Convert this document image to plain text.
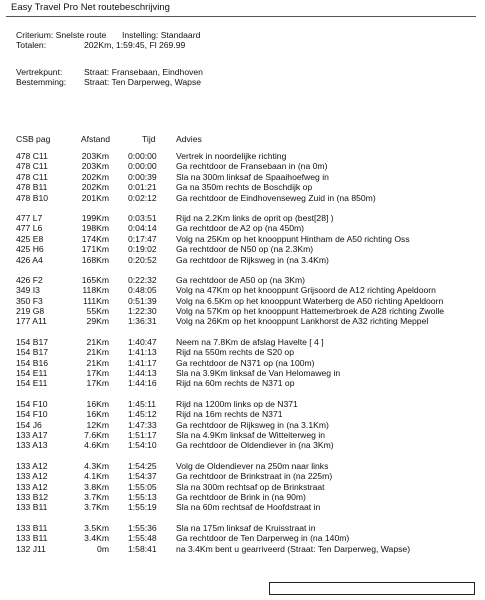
Easy Travel Pro Net routebeschrijving
Criterium: Snelste route Instelling: Standaard
Totalen:	202Km, 1:59:45, Fl 269.99
Vertrekpunt:	Straat: Fransebaan, Eindhoven
Bestemming: Straat: Ten Darperweg, Wapse
CSB pag	Afstand	Tijd Advies
478 C11	203Km 0:00:00 Vertrek in noordelijke richting
478 C11	203Km 0:00:00 Ga rechtdoor de Fransebaan in (na 0m)
478 C11	202Km 0:00:39 Sla na 300m linksaf de Spaaihoefweg in
478 B11	202Km 0:01:21 Ga na 350m rechts de Boschdijk op
478 B10	201Km 0:02:12 Ga rechtdoor de Eindhovenseweg Zuid in (na 850m)
477 L7	199Km 0:03:51 Rijd na 2.2Km links de oprit op (best[28] )
477 L6	198Km 0:04:14 Ga rechtdoor de A2 op (na 450m)
425 E8	174Km 0:17:47 Volg na 25Km op het knooppunt Hintham de A50 richting Oss
425 H6	171Km 0:19:02 Ga rechtdoor de N50 op (na 2.3Km)
426 A4	168Km 0:20:52 Ga rechtdoor de Rijksweg in (na 3.4Km)
426 F2	165Km 0:22:32 Ga rechtdoor de A50 op (na 3Km)
349 I3	118Km 0:48:05 Volg na 47Km op het knooppunt Grijsoord de A12 richting Apeldoorn
350 F3	111Km 0:51:39 Volg na 6.5Km op het knooppunt Waterberg de A50 richting Apeldoorn
219 G8	55Km 1:22:30 Volg na 57Km op het knooppunt Hattemerbroek de A28 richting Zwolle
177 A11	29Km 1:36:31 Volg na 26Km op het knooppunt Lankhorst de A32 richting Meppel
154 B17	21Km 1:40:47 Neem na 7.8Km de afslag Havelte [ 4 ]
154 B17	21Km 1:41:13 Rijd na 550m rechts de S20 op
154 B16	21Km 1:41:17 Ga rechtdoor de N371 op (na 100m)
154 E11	17Km 1:44:13 Sla na 3.9Km linksaf de Van Helomaweg in
154 E11	17Km 1:44:16 Rijd na 60m rechts de N371 op
154 F10	16Km 1:45:11 Rijd na 1200m links op de N371
154 F10	16Km 1:45:12 Rijd na 16m rechts de N371
154 J6	12Km 1:47:33 Ga rechtdoor de Rijksweg in (na 3.1Km)
133 A17	7.6Km 1:51:17 Sla na 4.9Km linksaf de Witteiterweg in
133 A13	4.6Km 1:54:10 Ga rechtdoor de Oldendiever in (na 3Km)
133 A12	4.3Km 1:54:25 Volg de Oldendiever na 250m naar links
133 A12	4.1Km 1:54:37 Ga rechtdoor de Brinkstraat in (na 225m)
133 A12	3.8Km 1:55:05 Sla na 300m rechtsaf op de Brinkstraat
133 B12	3.7Km 1:55:13 Ga rechtdoor de Brink in (na 90m)
133 B11	3.7Km 1:55:19 Sla na 60m rechtsaf de Hoofdstraat in
133 B11	3.5Km 1:55:36 Sla na 175m linksaf de Kruisstraat in
133 B11	3.4Km 1:55:48 Ga rechtdoor de Ten Darperweg in (na 140m)
132 J11	0m 1:58:41 na 3.4Km bent u gearriveerd (Straat: Ten Darperweg, Wapse)
